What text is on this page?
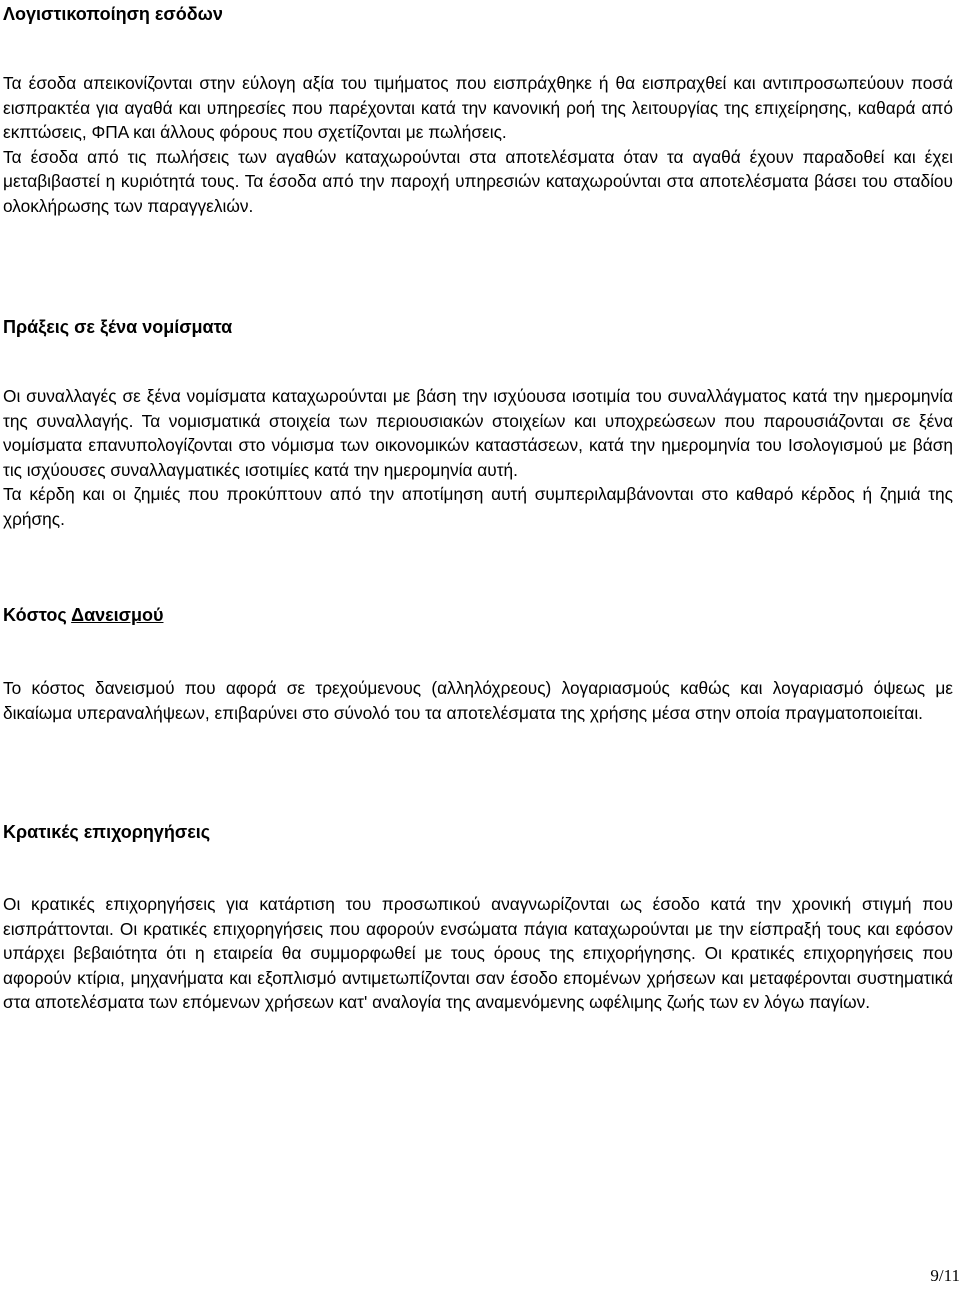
Λογιστικοποίηση εσόδων

Τα έσοδα απεικονίζονται στην εύλογη αξία του τιμήματος που εισπράχθηκε ή θα εισπραχθεί και αντιπροσωπεύουν ποσά εισπρακτέα για αγαθά και υπηρεσίες που παρέχονται κατά την κανονική ροή της λειτουργίας της επιχείρησης, καθαρά από εκπτώσεις, ΦΠΑ και άλλους φόρους που σχετίζονται με πωλήσεις.

Τα έσοδα από τις πωλήσεις των αγαθών καταχωρούνται στα αποτελέσματα όταν τα αγαθά έχουν παραδοθεί και έχει μεταβιβαστεί η κυριότητά τους. Τα έσοδα από την παροχή υπηρεσιών καταχωρούνται στα αποτελέσματα βάσει του σταδίου ολοκλήρωσης των παραγγελιών.

Πράξεις σε ξένα νομίσματα

Οι συναλλαγές σε ξένα νομίσματα καταχωρούνται με βάση την ισχύουσα ισοτιμία του συναλλάγματος κατά την ημερομηνία της συναλλαγής. Τα νομισματικά στοιχεία των περιουσιακών στοιχείων και υποχρεώσεων που παρουσιάζονται σε ξένα νομίσματα επανυπολογίζονται στο νόμισμα των οικονομικών καταστάσεων, κατά την ημερομηνία του Ισολογισμού με βάση τις ισχύουσες συναλλαγματικές ισοτιμίες κατά την ημερομηνία αυτή.

Τα κέρδη και οι ζημιές που προκύπτουν από την αποτίμηση αυτή συμπεριλαμβάνονται στο καθαρό κέρδος ή ζημιά της χρήσης.

Κόστος Δανεισμού

Το κόστος δανεισμού που αφορά σε τρεχούμενους (αλληλόχρεους) λογαριασμούς καθώς και λογαριασμό όψεως με δικαίωμα υπεραναλήψεων, επιβαρύνει στο σύνολό του τα αποτελέσματα της χρήσης μέσα στην οποία πραγματοποιείται.

Κρατικές επιχορηγήσεις

Οι κρατικές επιχορηγήσεις για κατάρτιση του προσωπικού αναγνωρίζονται ως έσοδο κατά την χρονική στιγμή που εισπράττονται. Οι κρατικές επιχορηγήσεις που αφορούν ενσώματα πάγια καταχωρούνται με την είσπραξή τους και εφόσον υπάρχει βεβαιότητα ότι η εταιρεία θα συμμορφωθεί με τους όρους της επιχορήγησης. Οι κρατικές επιχορηγήσεις που αφορούν κτίρια, μηχανήματα και εξοπλισμό αντιμετωπίζονται σαν έσοδο επομένων χρήσεων και μεταφέρονται συστηματικά στα αποτελέσματα των επόμενων χρήσεων κατ' αναλογία της αναμενόμενης ωφέλιμης ζωής των εν λόγω παγίων.

9/11
